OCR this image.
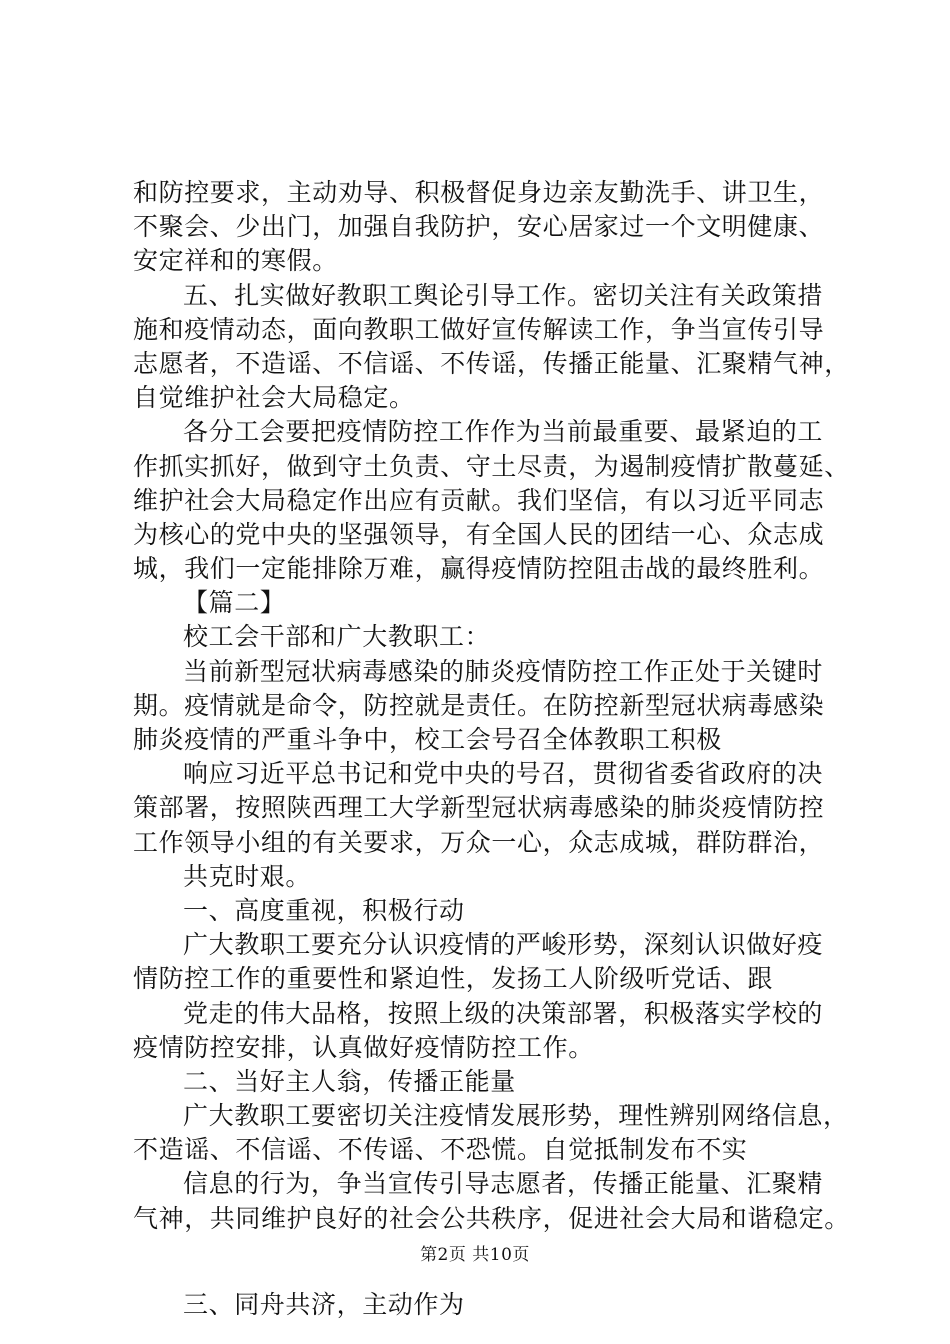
和防控要求，主动劝导、积极督促身边亲友勤洗手、讲卫生，
不聚会、少出门，加强自我防护，安心居家过一个文明健康、
安定祥和的寒假。
五、扎实做好教职工舆论引导工作。密切关注有关政策措
施和疫情动态，面向教职工做好宣传解读工作，争当宣传引导
志愿者，不造谣、不信谣、不传谣，传播正能量、汇聚精气神，
自觉维护社会大局稳定。
各分工会要把疫情防控工作作为当前最重要、最紧迫的工
作抓实抓好，做到守土负责、守土尽责，为遏制疫情扩散蔓延、
维护社会大局稳定作出应有贡献。我们坚信，有以习近平同志
为核心的党中央的坚强领导，有全国人民的团结一心、众志成
城，我们一定能排除万难，赢得疫情防控阻击战的最终胜利。
【篇二】
校工会干部和广大教职工：
当前新型冠状病毒感染的肺炎疫情防控工作正处于关键时
期。疫情就是命令，防控就是责任。在防控新型冠状病毒感染
肺炎疫情的严重斗争中，校工会号召全体教职工积极
响应习近平总书记和党中央的号召，贯彻省委省政府的决
策部署，按照陕西理工大学新型冠状病毒感染的肺炎疫情防控
工作领导小组的有关要求，万众一心，众志成城，群防群治，
共克时艰。
一、高度重视，积极行动
广大教职工要充分认识疫情的严峻形势，深刻认识做好疫
情防控工作的重要性和紧迫性，发扬工人阶级听党话、跟
党走的伟大品格，按照上级的决策部署，积极落实学校的
疫情防控安排，认真做好疫情防控工作。
二、当好主人翁，传播正能量
广大教职工要密切关注疫情发展形势，理性辨别网络信息，
不造谣、不信谣、不传谣、不恐慌。自觉抵制发布不实
信息的行为，争当宣传引导志愿者，传播正能量、汇聚精
气神，共同维护良好的社会公共秩序，促进社会大局和谐稳定。
三、同舟共济，主动作为
第2页 共10页
